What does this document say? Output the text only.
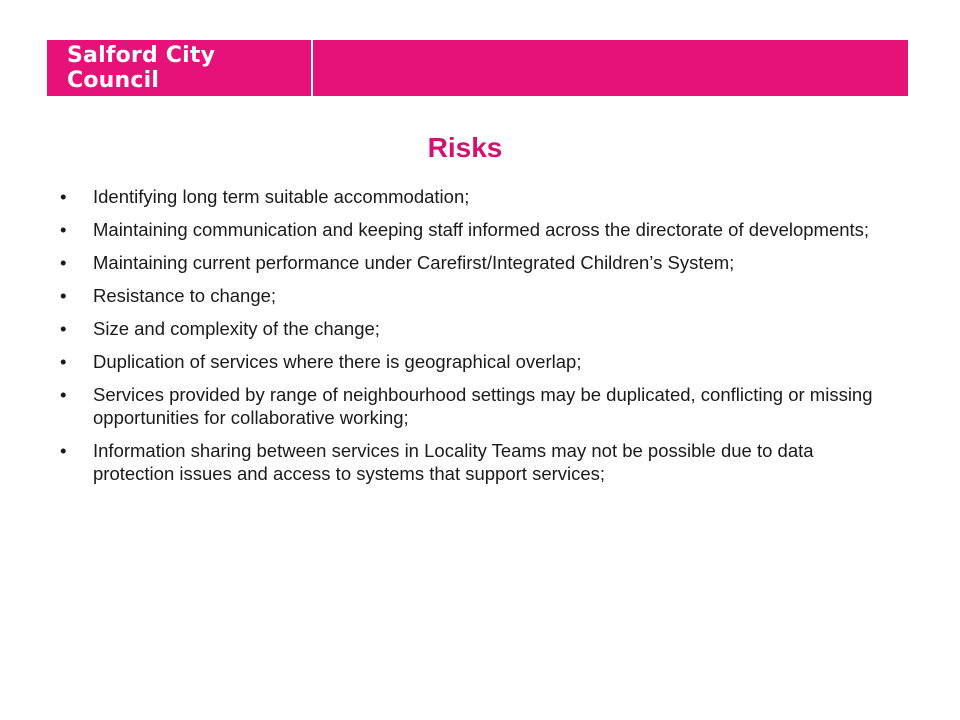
Salford City Council
Risks
•	Identifying long term suitable accommodation;
•	Maintaining communication and keeping staff informed across the directorate of developments;
•	Maintaining current performance under Carefirst/Integrated Children’s System;
•	Resistance to change;
•	Size and complexity of the change;
•	Duplication of services where there is geographical overlap;
•	Services provided by range of neighbourhood settings may be duplicated, conflicting or missing opportunities for collaborative working;
•	Information sharing between services in Locality Teams may not be possible due to data protection issues and access to systems that support services;
